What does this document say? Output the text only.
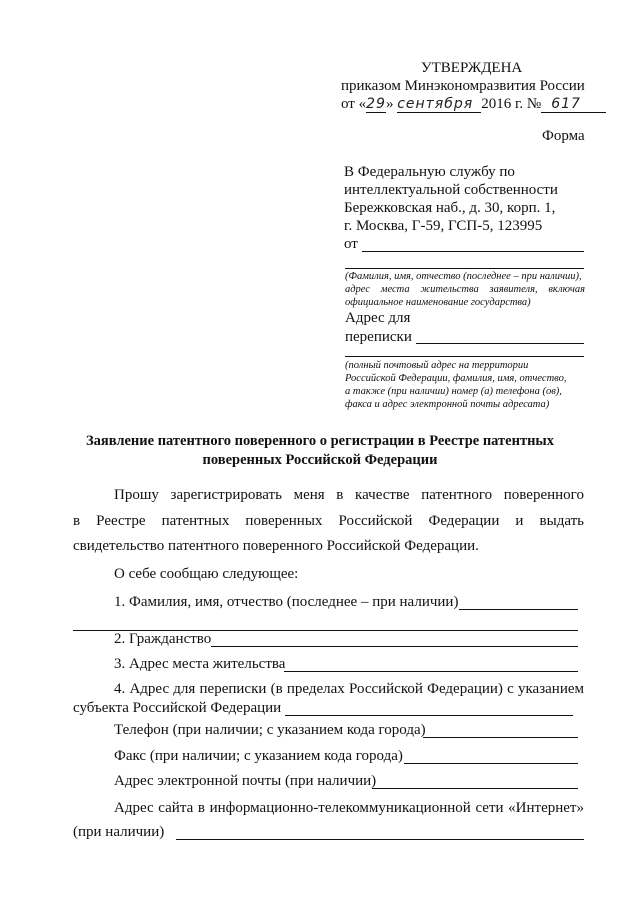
УТВЕРЖДЕНА
приказом Минэкономразвития России
от «29» сентября 2016 г. № 617
Форма
В Федеральную службу по
интеллектуальной собственности
Бережковская наб., д. 30, корп. 1,
г. Москва, Г-59, ГСП-5, 123995
от
(Фамилия, имя, отчество (последнее – при наличии),
адрес места жительства заявителя, включая
официальное наименование государства)
Адрес для
переписки
(полный почтовый адрес на территории
Российской Федерации, фамилия, имя, отчество,
а также (при наличии) номер (а) телефона (ов),
факса и адрес электронной почты адресата)
Заявление патентного поверенного о регистрации в Реестре патентных
поверенных Российской Федерации
Прошу зарегистрировать меня в качестве патентного поверенного
в Реестре патентных поверенных Российской Федерации и выдать
свидетельство патентного поверенного Российской Федерации.
О себе сообщаю следующее:
1. Фамилия, имя, отчество (последнее – при наличии)
2. Гражданство
3. Адрес места жительства
4. Адрес для переписки (в пределах Российской Федерации) с указанием
субъекта Российской Федерации
Телефон (при наличии; с указанием кода города)
Факс (при наличии; с указанием кода города)
Адрес электронной почты (при наличии)
Адрес сайта в информационно-телекоммуникационной сети «Интернет»
(при наличии)
